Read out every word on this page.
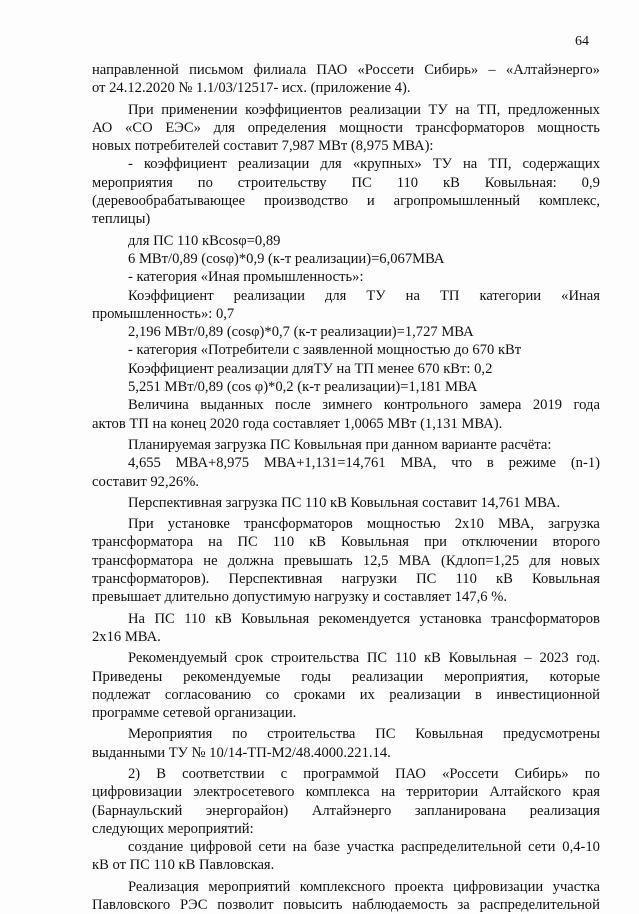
64
направленной письмом филиала ПАО «Россети Сибирь» – «Алтайэнерго»
от 24.12.2020 № 1.1/03/12517- исх. (приложение 4).
При применении коэффициентов реализации ТУ на ТП, предложенных
АО «СО ЕЭС» для определения мощности трансформаторов мощность
новых потребителей составит 7,987 МВт (8,975 МВА):
- коэффициент реализации для «крупных» ТУ на ТП, содержащих
мероприятия по строительству ПС 110 кВ Ковыльная: 0,9
(деревообрабатывающее производство и агропромышленный комплекс,
теплицы)
для ПС 110 кВcosφ=0,89
6 МВт/0,89 (cosφ)*0,9 (к-т реализации)=6,067МВА
- категория «Иная промышленность»:
Коэффициент реализации для ТУ на ТП категории «Иная
промышленность»: 0,7
2,196 МВт/0,89 (cosφ)*0,7 (к-т реализации)=1,727 МВА
- категория «Потребители с заявленной мощностью до 670 кВт
Коэффициент реализации дляТУ на ТП менее 670 кВт: 0,2
5,251 МВт/0,89 (cos φ)*0,2 (к-т реализации)=1,181 МВА
Величина выданных после зимнего контрольного замера 2019 года
актов ТП на конец 2020 года составляет 1,0065 МВт (1,131 МВА).
Планируемая загрузка ПС Ковыльная при данном варианте расчёта:
4,655 МВА+8,975 МВА+1,131=14,761 МВА, что в режиме (n-1)
составит 92,26%.
Перспективная загрузка ПС 110 кВ Ковыльная составит 14,761 МВА.
При установке трансформаторов мощностью 2х10 МВА, загрузка
трансформатора на ПС 110 кВ Ковыльная при отключении второго
трансформатора не должна превышать 12,5 МВА (Кдлоп=1,25 для новых
трансформаторов). Перспективная нагрузки ПС 110 кВ Ковыльная
превышает длительно допустимую нагрузку и составляет 147,6 %.
На ПС 110 кВ Ковыльная рекомендуется установка трансформаторов
2х16 МВА.
Рекомендуемый срок строительства ПС 110 кВ Ковыльная – 2023 год.
Приведены рекомендуемые годы реализации мероприятия, которые
подлежат согласованию со сроками их реализации в инвестиционной
программе сетевой организации.
Мероприятия по строительства ПС Ковыльная предусмотрены
выданными ТУ № 10/14-ТП-М2/48.4000.221.14.
2) В соответствии с программой ПАО «Россети Сибирь» по
цифровизации электросетевого комплекса на территории Алтайского края
(Барнаульский энергорайон) Алтайэнерго запланирована реализация
следующих мероприятий:
создание цифровой сети на базе участка распределительной сети 0,4-10
кВ от ПС 110 кВ Павловская.
Реализация мероприятий комплексного проекта цифровизации участка
Павловского РЭС позволит повысить наблюдаемость за распределительной
